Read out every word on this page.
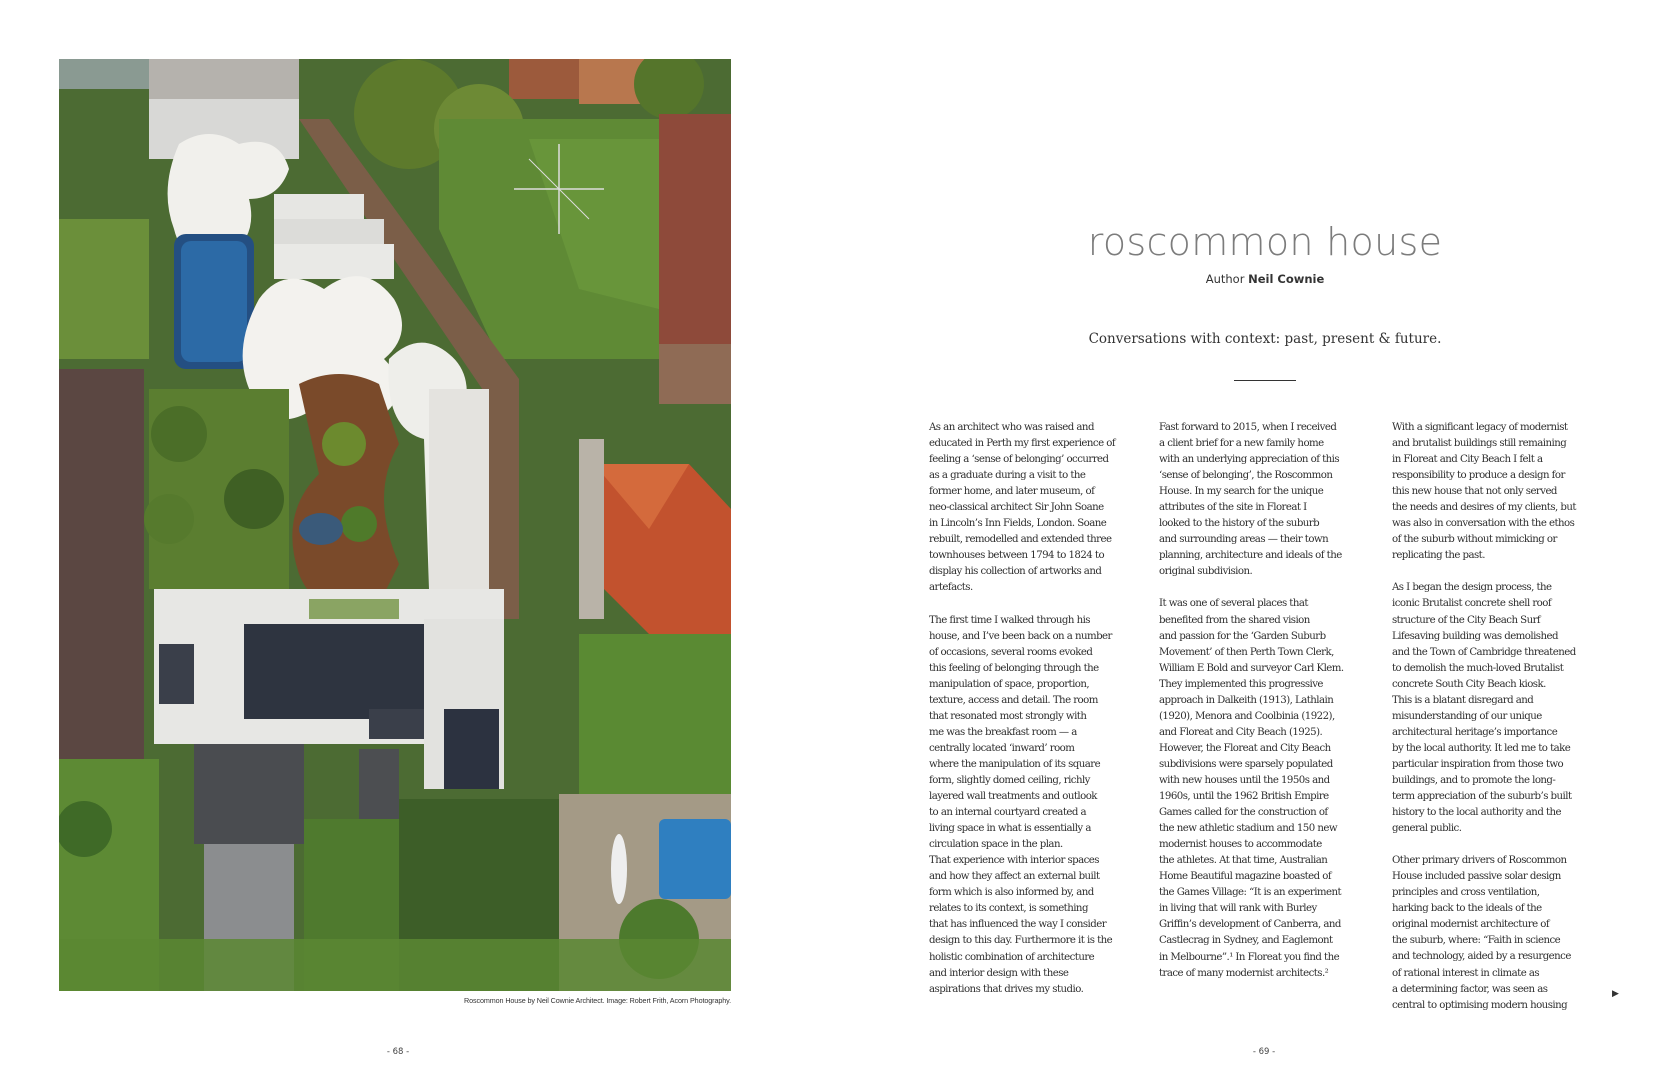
Roscommon House by Neil Cownie Architect. Image: Robert Frith, Acorn Photography.
- 68 -
roscommon house
Author Neil Cownie
Conversations with context: past, present & future.

As an architect who was raised and
educated in Perth my first experience of
feeling a ‘sense of belonging’ occurred
as a graduate during a visit to the
former home, and later museum, of
neo-classical architect Sir John Soane
in Lincoln’s Inn Fields, London. Soane
rebuilt, remodelled and extended three
townhouses between 1794 to 1824 to
display his collection of artworks and
artefacts.

The first time I walked through his
house, and I’ve been back on a number
of occasions, several rooms evoked
this feeling of belonging through the
manipulation of space, proportion,
texture, access and detail. The room
that resonated most strongly with
me was the breakfast room — a
centrally located ‘inward’ room
where the manipulation of its square
form, slightly domed ceiling, richly
layered wall treatments and outlook
to an internal courtyard created a
living space in what is essentially a
circulation space in the plan.
That experience with interior spaces
and how they affect an external built
form which is also informed by, and
relates to its context, is something
that has influenced the way I consider
design to this day. Furthermore it is the
holistic combination of architecture
and interior design with these
aspirations that drives my studio.

Fast forward to 2015, when I received
a client brief for a new family home
with an underlying appreciation of this
‘sense of belonging’, the Roscommon
House. In my search for the unique
attributes of the site in Floreat I
looked to the history of the suburb
and surrounding areas — their town
planning, architecture and ideals of the
original subdivision.

It was one of several places that
benefited from the shared vision
and passion for the ‘Garden Suburb
Movement’ of then Perth Town Clerk,
William E Bold and surveyor Carl Klem.
They implemented this progressive
approach in Dalkeith (1913), Lathlain
(1920), Menora and Coolbinia (1922),
and Floreat and City Beach (1925).
However, the Floreat and City Beach
subdivisions were sparsely populated
with new houses until the 1950s and
1960s, until the 1962 British Empire
Games called for the construction of
the new athletic stadium and 150 new
modernist houses to accommodate
the athletes. At that time, Australian
Home Beautiful magazine boasted of
the Games Village: “It is an experiment
in living that will rank with Burley
Griffin’s development of Canberra, and
Castlecrag in Sydney, and Eaglemont
in Melbourne”.¹ In Floreat you find the
trace of many modernist architects.²

With a significant legacy of modernist
and brutalist buildings still remaining
in Floreat and City Beach I felt a
responsibility to produce a design for
this new house that not only served
the needs and desires of my clients, but
was also in conversation with the ethos
of the suburb without mimicking or
replicating the past.

As I began the design process, the
iconic Brutalist concrete shell roof
structure of the City Beach Surf
Lifesaving building was demolished
and the Town of Cambridge threatened
to demolish the much-loved Brutalist
concrete South City Beach kiosk.
This is a blatant disregard and
misunderstanding of our unique
architectural heritage’s importance
by the local authority. It led me to take
particular inspiration from those two
buildings, and to promote the long-
term appreciation of the suburb’s built
history to the local authority and the
general public.

Other primary drivers of Roscommon
House included passive solar design
principles and cross ventilation,
harking back to the ideals of the
original modernist architecture of
the suburb, where: “Faith in science
and technology, aided by a resurgence
of rational interest in climate as
a determining factor, was seen as
central to optimising modern housing

▶
- 69 -
